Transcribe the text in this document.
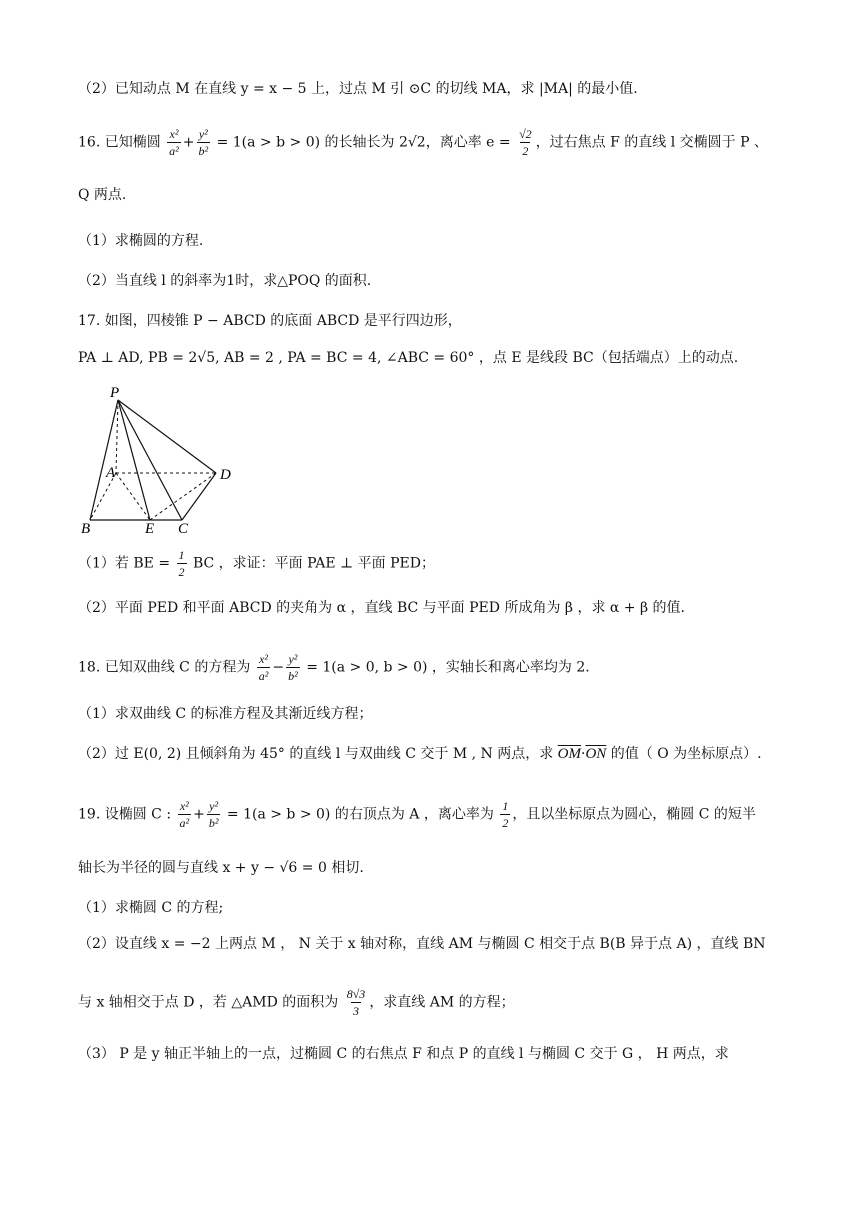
（2）已知动点 M 在直线 y = x − 5 上，过点 M 引 ⊙C 的切线 MA，求 |MA| 的最小值.
16. 已知椭圆 $\frac{\text{x²}}{\text{a²}} + \frac{\text{y²}}{\text{b²}} = 1(a > b > 0)$ 的长轴长为 2√2，离心率 $e = \frac{√2}{2}$ ，过右焦点 F 的直线 l 交椭圆于 P 、
Q 两点.
（1）求椭圆的方程.
（2）当直线 l 的斜率为1时，求△POQ 的面积.
17. 如图，四棱锥 P − ABCD 的底面 ABCD 是平行四边形，
PA ⊥ AD, PB = 2√5, AB = 2 , PA = BC = 4, ∠ABC = 60° ，点 E 是线段 BC（包括端点）上的动点.
P
A	D
B	E C
（1）若 BE = $\frac{1}{2}$ BC ，求证：平面 PAE ⊥ 平面 PED；
（2）平面 PED 和平面 ABCD 的夹角为 α ，直线 BC 与平面 PED 所成角为 β ，求 α + β 的值.
18. 已知双曲线 C 的方程为 $\frac{\text{x²}}{\text{a²}} - \frac{\text{y²}}{\text{b²}} = 1(a > 0$, b > 0) ，实轴长和离心率均为 2.
（1）求双曲线 C 的标准方程及其渐近线方程；
（2）过 E(0, 2) 且倾斜角为 45° 的直线 l 与双曲线 C 交于 M , N 两点，求 $\overline{OM}\cdot\overline{ON}$ 的值（ O 为坐标原点）.
19. 设椭圆 C : $\frac{\text{x²}}{\text{a²}} + \frac{\text{y²}}{\text{b²}} = 1(a > b > 0)$ 的右顶点为 A ，离心率为 $\frac{1}{2}$ ，且以坐标原点为圆心，椭圆 C 的短半
轴长为半径的圆与直线 x + y − √6 = 0 相切.
（1）求椭圆 C 的方程;
（2）设直线 x = −2 上两点 M ， N 关于 x 轴对称，直线 AM 与椭圆 C 相交于点 B(B 异于点 A) ，直线 BN
与 x 轴相交于点 D ，若 △AMD 的面积为 $\frac{8√3}{3}$ ，求直线 AM 的方程；
（3） P 是 y 轴正半轴上的一点，过椭圆 C 的右焦点 F 和点 P 的直线 l 与椭圆 C 交于 G ， H 两点，求
